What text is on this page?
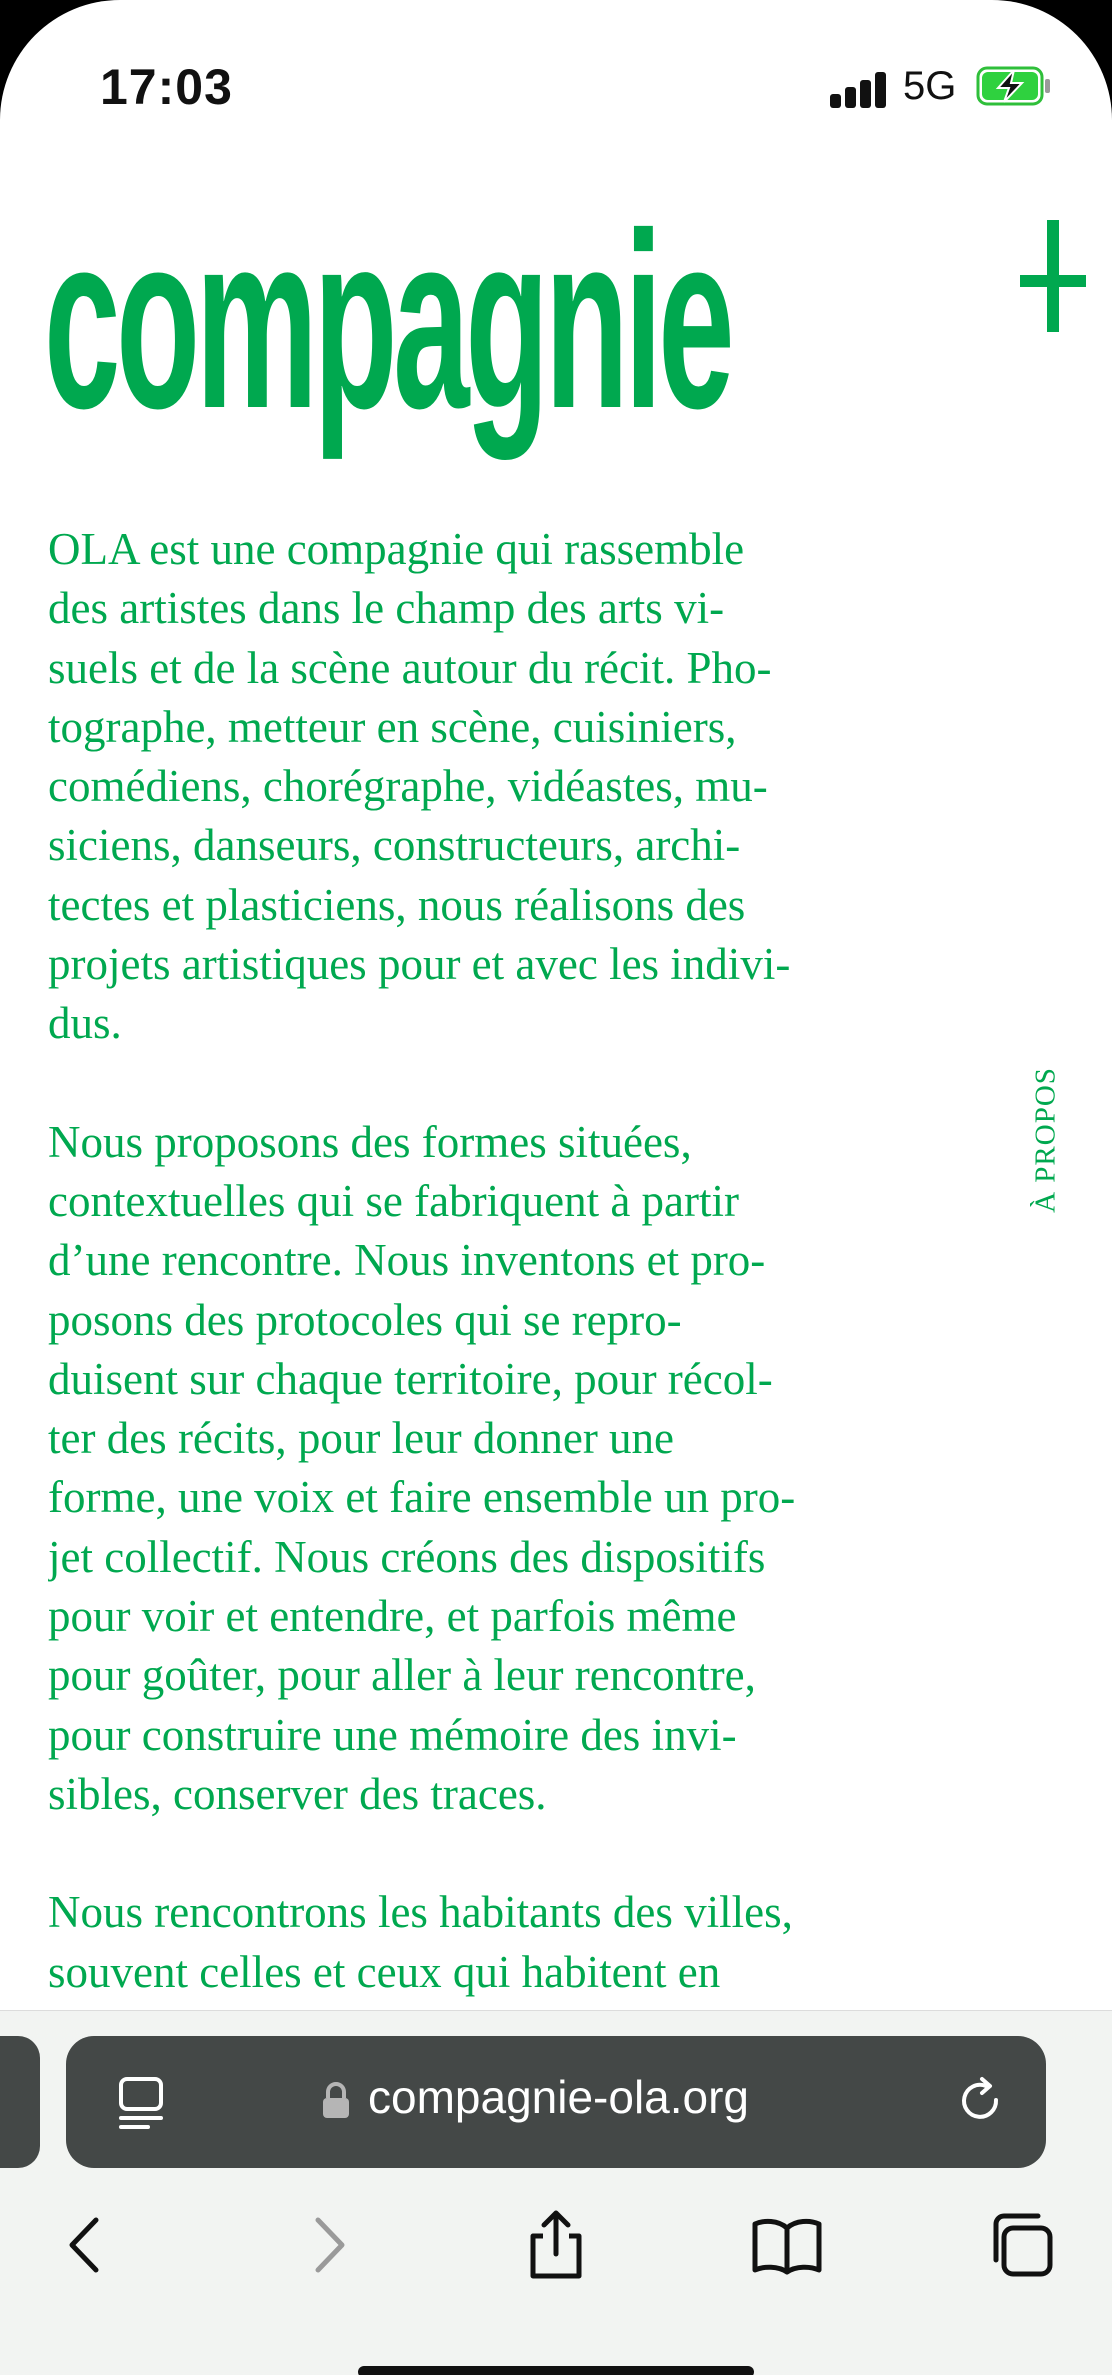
17:03	5G
compagnie

OLA est une compagnie qui rassemble
des artistes dans le champ des arts vi-
suels et de la scène autour du récit. Pho-
tographe, metteur en scène, cuisiniers,
comédiens, chorégraphe, vidéastes, mu-
siciens, danseurs, constructeurs, archi-
tectes et plasticiens, nous réalisons des
projets artistiques pour et avec les indivi-
dus.

Nous proposons des formes situées,
contextuelles qui se fabriquent à partir
d’une rencontre. Nous inventons et pro-
posons des protocoles qui se repro-
duisent sur chaque territoire, pour récol-
ter des récits, pour leur donner une
forme, une voix et faire ensemble un pro-
jet collectif. Nous créons des dispositifs
pour voir et entendre, et parfois même
pour goûter, pour aller à leur rencontre,
pour construire une mémoire des invi-
sibles, conserver des traces.

Nous rencontrons les habitants des villes,
souvent celles et ceux qui habitent en

À PROPOS
compagnie-ola.org
